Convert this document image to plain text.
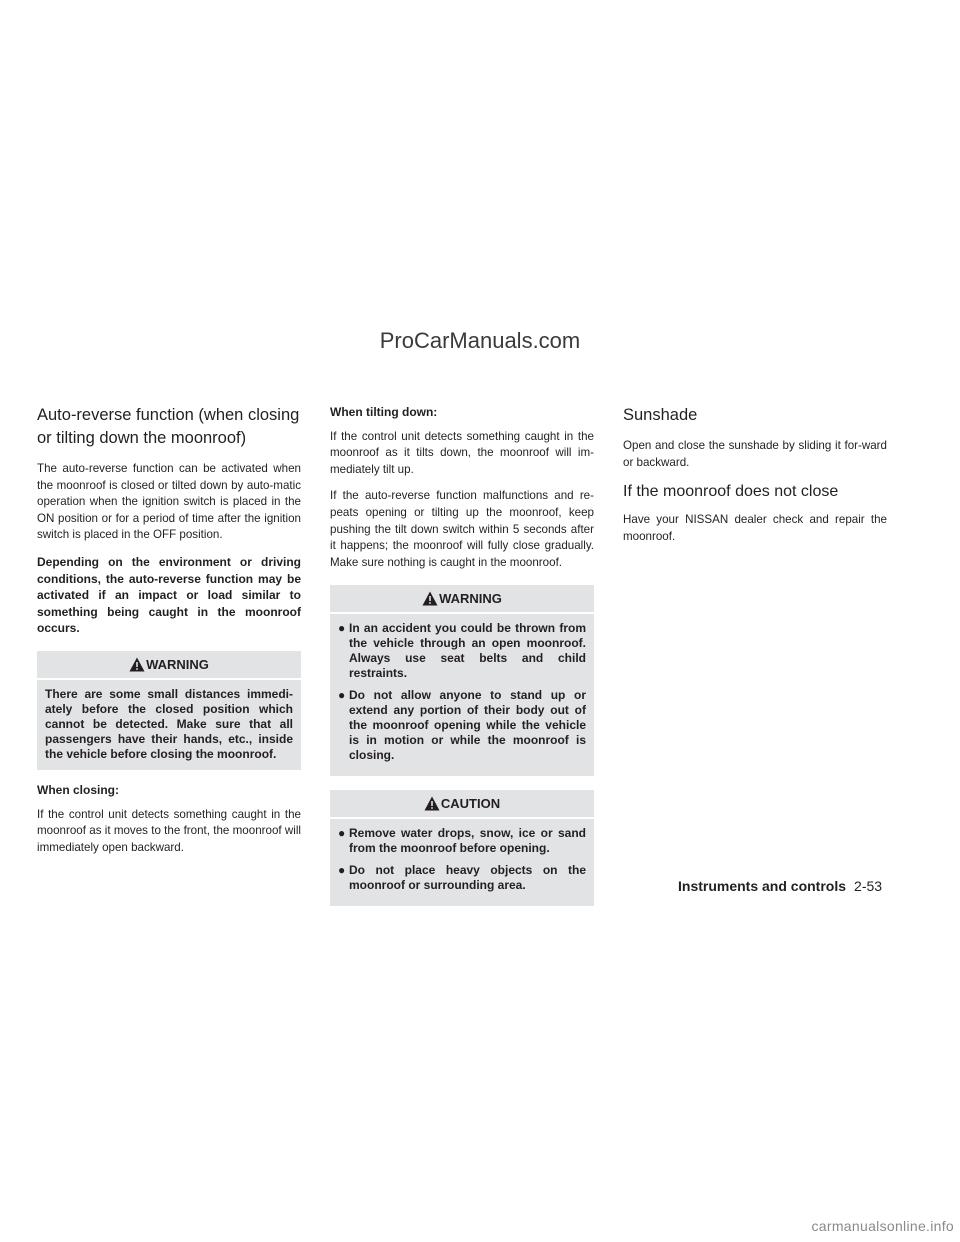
ProCarManuals.com
Auto-reverse function (when closing or tilting down the moonroof)

The auto-reverse function can be activated when the moonroof is closed or tilted down by auto-matic operation when the ignition switch is placed in the ON position or for a period of time after the ignition switch is placed in the OFF position.

Depending on the environment or driving conditions, the auto-reverse function may be activated if an impact or load similar to something being caught in the moonroof occurs.

WARNING
There are some small distances immedi-ately before the closed position which cannot be detected. Make sure that all passengers have their hands, etc., inside the vehicle before closing the moonroof.

When closing:

If the control unit detects something caught in the moonroof as it moves to the front, the moonroof will immediately open backward.

When tilting down:

If the control unit detects something caught in the moonroof as it tilts down, the moonroof will im-mediately tilt up.

If the auto-reverse function malfunctions and re-peats opening or tilting up the moonroof, keep pushing the tilt down switch within 5 seconds after it happens; the moonroof will fully close gradually. Make sure nothing is caught in the moonroof.

WARNING
● In an accident you could be thrown from the vehicle through an open moonroof. Always use seat belts and child restraints.
● Do not allow anyone to stand up or extend any portion of their body out of the moonroof opening while the vehicle is in motion or while the moonroof is closing.
CAUTION
● Remove water drops, snow, ice or sand from the moonroof before opening.
● Do not place heavy objects on the moonroof or surrounding area.
Sunshade

Open and close the sunshade by sliding it for-ward or backward.

If the moonroof does not close

Have your NISSAN dealer check and repair the moonroof.

Instruments and controls 2-53
carmanualsonline.info
